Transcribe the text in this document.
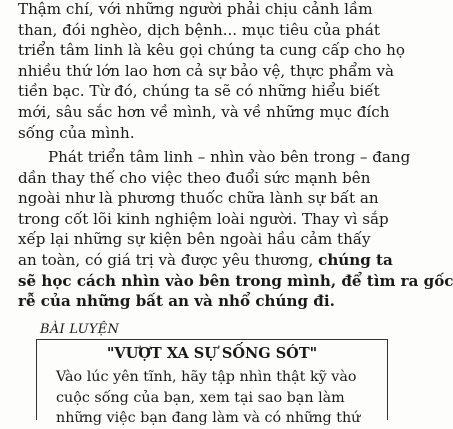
Thậm chí, với những người phải chịu cảnh lầm
than, đói nghèo, dịch bệnh... mục tiêu của phát
triển tâm linh là kêu gọi chúng ta cung cấp cho họ
nhiều thứ lớn lao hơn cả sự bảo vệ, thực phẩm và
tiền bạc. Từ đó, chúng ta sẽ có những hiểu biết
mới, sâu sắc hơn về mình, và về những mục đích
sống của mình.
Phát triển tâm linh – nhìn vào bên trong – đang
dần thay thế cho việc theo đuổi sức mạnh bên
ngoài như là phương thuốc chữa lành sự bất an
trong cốt lõi kinh nghiệm loài người. Thay vì sắp
xếp lại những sự kiện bên ngoài hầu cảm thấy
an toàn, có giá trị và được yêu thương, chúng ta
sẽ học cách nhìn vào bên trong mình, để tìm ra gốc
rễ của những bất an và nhổ chúng đi.
BÀI LUYỆN
"VƯỢT XA SỰ SỐNG SÓT"
Vào lúc yên tĩnh, hãy tập nhìn thật kỹ vào
cuộc sống của bạn, xem tại sao bạn làm
những việc bạn đang làm và có những thứ
